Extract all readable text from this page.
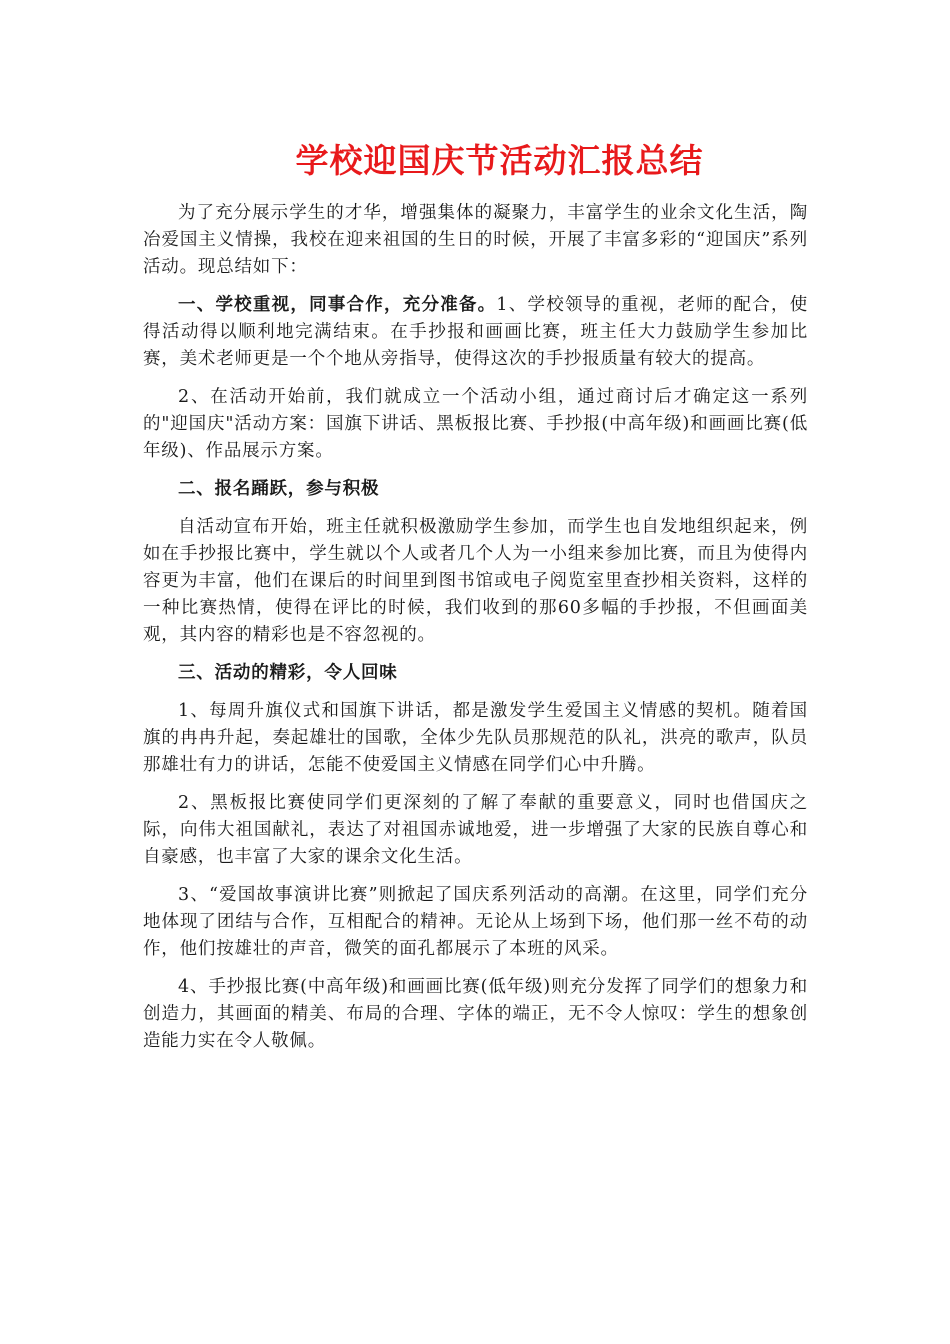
学校迎国庆节活动汇报总结

为了充分展示学生的才华，增强集体的凝聚力，丰富学生的业余文化生活，陶冶爱国主义情操，我校在迎来祖国的生日的时候，开展了丰富多彩的“迎国庆”系列活动。现总结如下：

一、学校重视，同事合作，充分准备。1、学校领导的重视，老师的配合，使得活动得以顺利地完满结束。在手抄报和画画比赛，班主任大力鼓励学生参加比赛，美术老师更是一个个地从旁指导，使得这次的手抄报质量有较大的提高。

2、在活动开始前，我们就成立一个活动小组，通过商讨后才确定这一系列的"迎国庆"活动方案：国旗下讲话、黑板报比赛、手抄报(中高年级)和画画比赛(低年级)、作品展示方案。

二、报名踊跃，参与积极

自活动宣布开始，班主任就积极激励学生参加，而学生也自发地组织起来，例如在手抄报比赛中，学生就以个人或者几个人为一小组来参加比赛，而且为使得内容更为丰富，他们在课后的时间里到图书馆或电子阅览室里查抄相关资料，这样的一种比赛热情，使得在评比的时候，我们收到的那60多幅的手抄报，不但画面美观，其内容的精彩也是不容忽视的。

三、活动的精彩，令人回味

1、每周升旗仪式和国旗下讲话，都是激发学生爱国主义情感的契机。随着国旗的冉冉升起，奏起雄壮的国歌，全体少先队员那规范的队礼，洪亮的歌声，队员那雄壮有力的讲话，怎能不使爱国主义情感在同学们心中升腾。

2、黑板报比赛使同学们更深刻的了解了奉献的重要意义，同时也借国庆之际，向伟大祖国献礼，表达了对祖国赤诚地爱，进一步增强了大家的民族自尊心和自豪感，也丰富了大家的课余文化生活。

3、“爱国故事演讲比赛”则掀起了国庆系列活动的高潮。在这里，同学们充分地体现了团结与合作，互相配合的精神。无论从上场到下场，他们那一丝不苟的动作，他们按雄壮的声音，微笑的面孔都展示了本班的风采。

4、手抄报比赛(中高年级)和画画比赛(低年级)则充分发挥了同学们的想象力和创造力，其画面的精美、布局的合理、字体的端正，无不令人惊叹：学生的想象创造能力实在令人敬佩。
